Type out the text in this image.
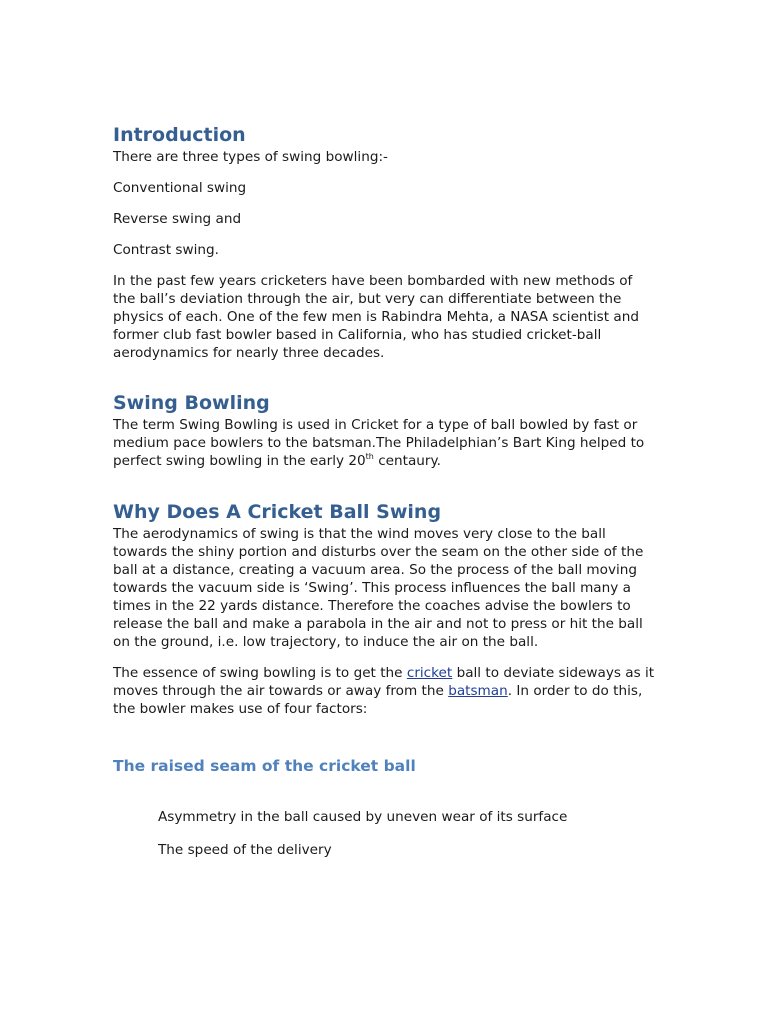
Introduction

There are three types of swing bowling:-

Conventional swing

Reverse swing and

Contrast swing.

In the past few years cricketers have been bombarded with new methods of the ball’s deviation through the air, but very can differentiate between the physics of each. One of the few men is Rabindra Mehta, a NASA scientist and former club fast bowler based in California, who has studied cricket-ball aerodynamics for nearly three decades.

Swing Bowling

The term Swing Bowling is used in Cricket for a type of ball bowled by fast or medium pace bowlers to the batsman.The Philadelphian’s Bart King helped to perfect swing bowling in the early 20th centaury.

Why Does A Cricket Ball Swing

The aerodynamics of swing is that the wind moves very close to the ball towards the shiny portion and disturbs over the seam on the other side of the ball at a distance, creating a vacuum area. So the process of the ball moving towards the vacuum side is ‘Swing’. This process influences the ball many a times in the 22 yards distance. Therefore the coaches advise the bowlers to release the ball and make a parabola in the air and not to press or hit the ball on the ground, i.e. low trajectory, to induce the air on the ball.

The essence of swing bowling is to get the cricket ball to deviate sideways as it moves through the air towards or away from the batsman. In order to do this, the bowler makes use of four factors:

The raised seam of the cricket ball

Asymmetry in the ball caused by uneven wear of its surface

The speed of the delivery
